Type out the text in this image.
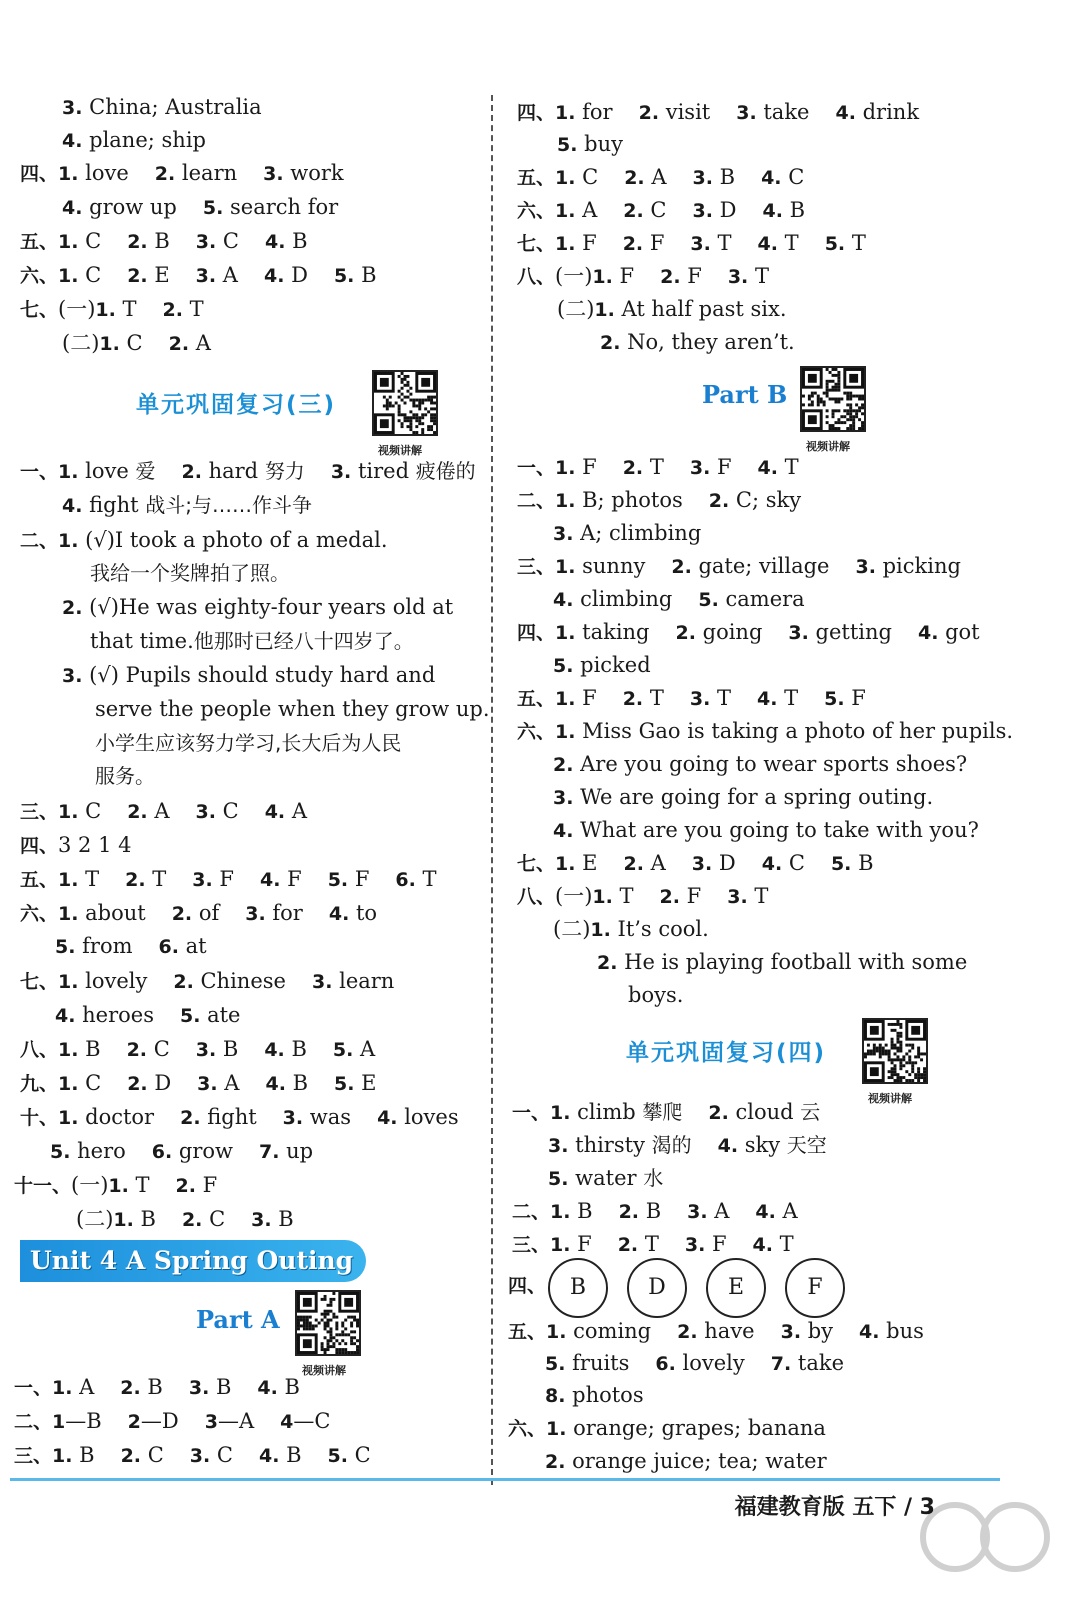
3. China; Australia
4. plane; ship
四、1. love 2. learn 3. work
4. grow up 5. search for
五、1. C 2. B 3. C 4. B
六、1. C 2. E 3. A 4. D 5. B
七、(一)1. T 2. T
(二)1. C 2. A
一、1. love 爱 2. hard 努力 3. tired 疲倦的
4. fight 战斗;与……作斗争
二、1. (√)I took a photo of a medal.
我给一个奖牌拍了照。
2. (√)He was eighty-four years old at
that time.他那时已经八十四岁了。
3. (√) Pupils should study hard and
serve the people when they grow up.
小学生应该努力学习,长大后为人民
服务。
三、1. C 2. A 3. C 4. A
四、3 2 1 4
五、1. T 2. T 3. F 4. F 5. F 6. T
六、1. about 2. of 3. for 4. to
5. from 6. at
七、1. lovely 2. Chinese 3. learn
4. heroes 5. ate
八、1. B 2. C 3. B 4. B 5. A
九、1. C 2. D 3. A 4. B 5. E
十、1. doctor 2. fight 3. was 4. loves
5. hero 6. grow 7. up
十一、(一)1. T 2. F
(二)1. B 2. C 3. B
一、1. A 2. B 3. B 4. B
二、1—B 2—D 3—A 4—C
三、1. B 2. C 3. C 4. B 5. C
四、1. for 2. visit 3. take 4. drink
5. buy
五、1. C 2. A 3. B 4. C
六、1. A 2. C 3. D 4. B
七、1. F 2. F 3. T 4. T 5. T
八、(一)1. F 2. F 3. T
(二)1. At half past six.
2. No, they aren’t.
一、1. F 2. T 3. F 4. T
二、1. B; photos 2. C; sky
3. A; climbing
三、1. sunny 2. gate; village 3. picking
4. climbing 5. camera
四、1. taking 2. going 3. getting 4. got
5. picked
五、1. F 2. T 3. T 4. T 5. F
六、1. Miss Gao is taking a photo of her pupils.
2. Are you going to wear sports shoes?
3. We are going for a spring outing.
4. What are you going to take with you?
七、1. E 2. A 3. D 4. C 5. B
八、(一)1. T 2. F 3. T
(二)1. It’s cool.
2. He is playing football with some
boys.
一、1. climb 攀爬 2. cloud 云
3. thirsty 渴的 4. sky 天空
5. water 水
二、1. B 2. B 3. A 4. A
三、1. F 2. T 3. F 4. T
四、
五、1. coming 2. have 3. by 4. bus
5. fruits 6. lovely 7. take
8. photos
六、1. orange; grapes; banana
2. orange juice; tea; water
单元巩固复习(三)
视频讲解
Unit 4 A Spring Outing
Part A
视频讲解
Part B
视频讲解
单元巩固复习(四)
视频讲解
B	D	E	F
福建教育版 五下 / 3
